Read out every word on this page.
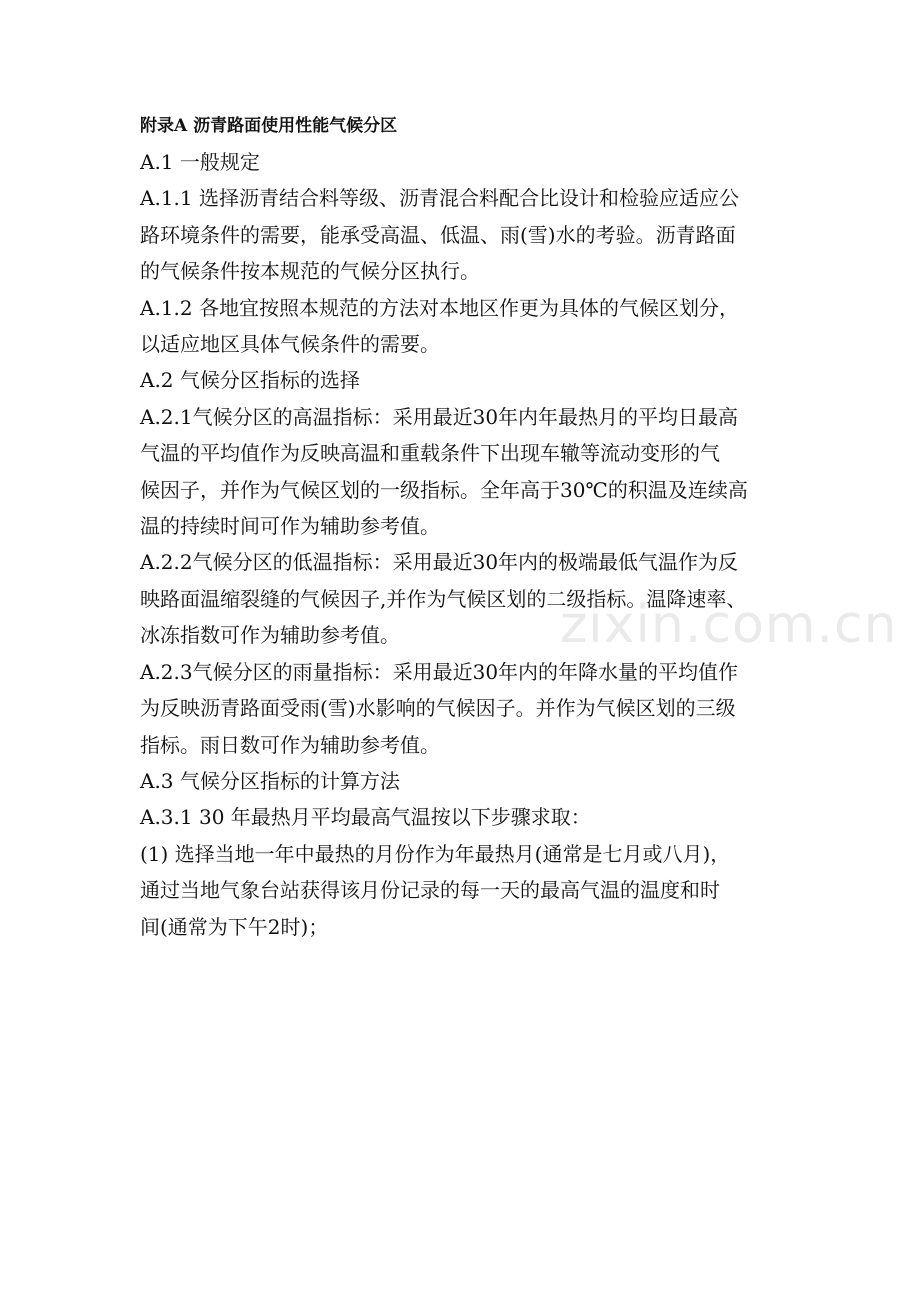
附录A 沥青路面使用性能气候分区

A.1 一般规定

A.1.1 选择沥青结合料等级、沥青混合料配合比设计和检验应适应公

路环境条件的需要，能承受高温、低温、雨(雪)水的考验。沥青路面

的气候条件按本规范的气候分区执行。

A.1.2 各地宜按照本规范的方法对本地区作更为具体的气候区划分，

以适应地区具体气候条件的需要。

A.2 气候分区指标的选择

A.2.1气候分区的高温指标：采用最近30年内年最热月的平均日最高

气温的平均值作为反映高温和重载条件下出现车辙等流动变形的气

候因子，并作为气候区划的一级指标。全年高于30℃的积温及连续高

温的持续时间可作为辅助参考值。

A.2.2气候分区的低温指标：采用最近30年内的极端最低气温作为反

映路面温缩裂缝的气候因子,并作为气候区划的二级指标。温降速率、

冰冻指数可作为辅助参考值。

A.2.3气候分区的雨量指标：采用最近30年内的年降水量的平均值作

为反映沥青路面受雨(雪)水影响的气候因子。并作为气候区划的三级

指标。雨日数可作为辅助参考值。

A.3 气候分区指标的计算方法

A.3.1 30 年最热月平均最高气温按以下步骤求取：

(1) 选择当地一年中最热的月份作为年最热月(通常是七月或八月)，

通过当地气象台站获得该月份记录的每一天的最高气温的温度和时

间(通常为下午2时)；

zixin.com.cn
